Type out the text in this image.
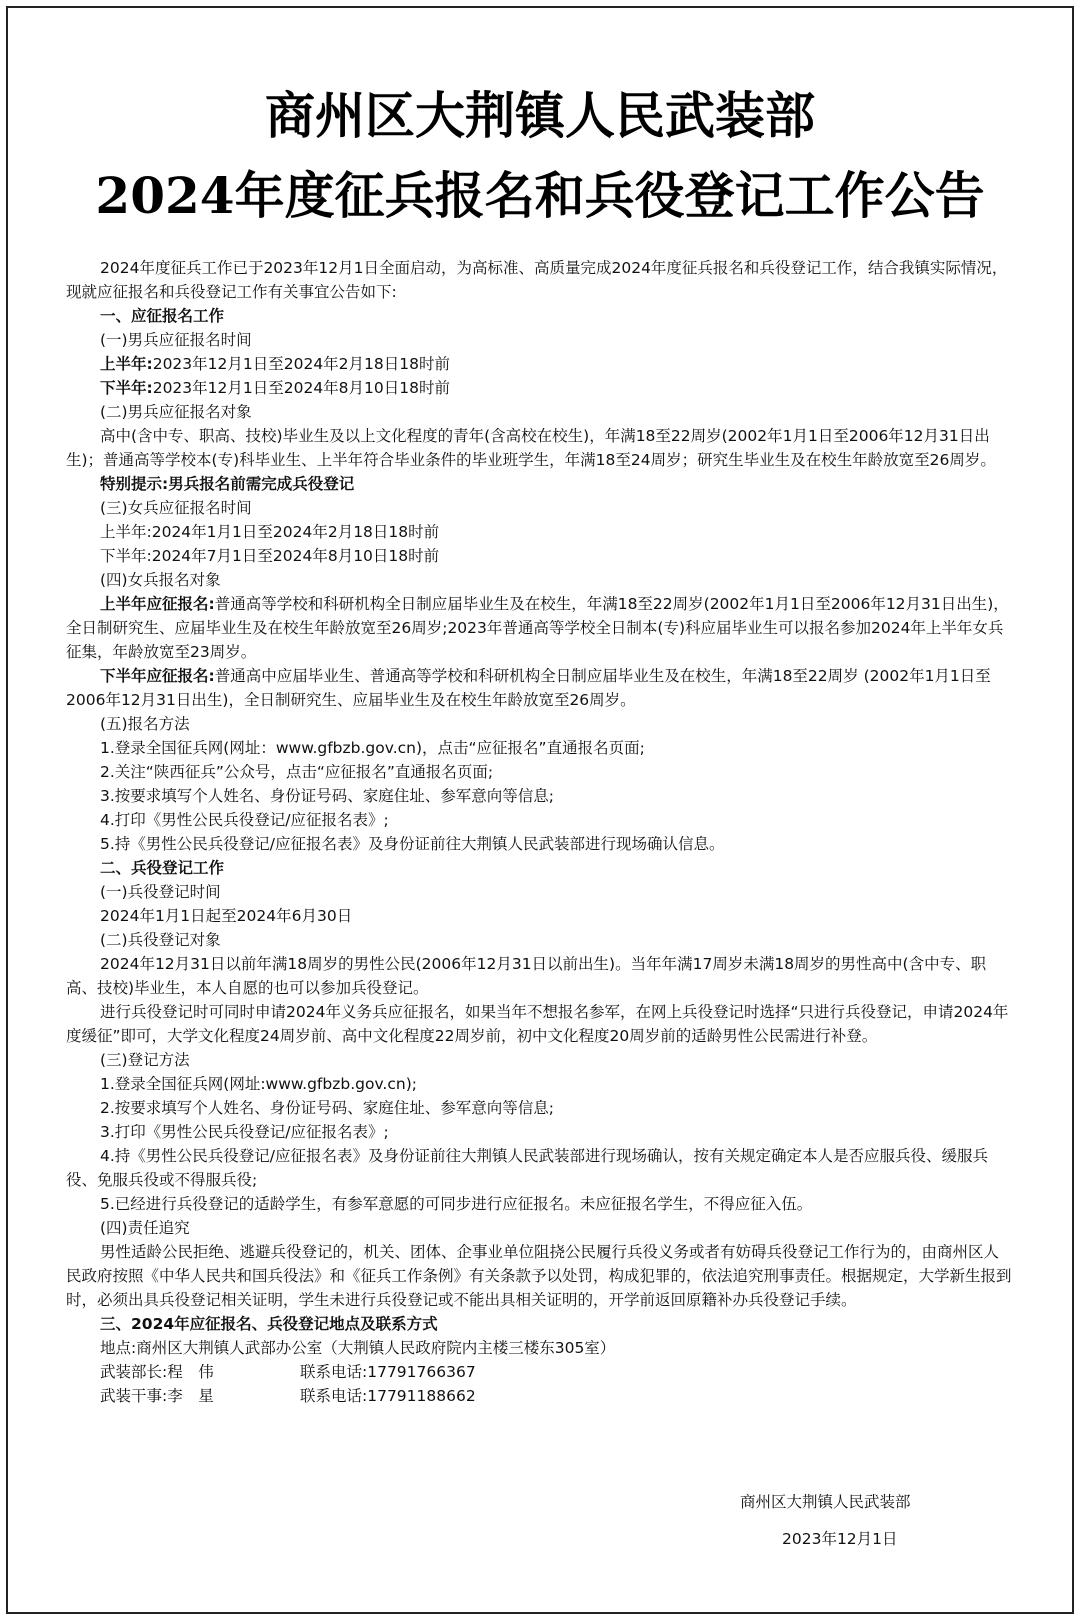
商州区大荆镇人民武装部
2024年度征兵报名和兵役登记工作公告

2024年度征兵工作已于2023年12月1日全面启动，为高标准、高质量完成2024年度征兵报名和兵役登记工作，结合我镇实际情况，现就应征报名和兵役登记工作有关事宜公告如下:

一、应征报名工作

(一)男兵应征报名时间

上半年:2023年12月1日至2024年2月18日18时前

下半年:2023年12月1日至2024年8月10日18时前

(二)男兵应征报名对象

高中(含中专、职高、技校)毕业生及以上文化程度的青年(含高校在校生)，年满18至22周岁(2002年1月1日至2006年12月31日出生)；普通高等学校本(专)科毕业生、上半年符合毕业条件的毕业班学生，年满18至24周岁；研究生毕业生及在校生年龄放宽至26周岁。

特别提示:男兵报名前需完成兵役登记

(三)女兵应征报名时间

上半年:2024年1月1日至2024年2月18日18时前

下半年:2024年7月1日至2024年8月10日18时前

(四)女兵报名对象

上半年应征报名:普通高等学校和科研机构全日制应届毕业生及在校生，年满18至22周岁(2002年1月1日至2006年12月31日出生)，全日制研究生、应届毕业生及在校生年龄放宽至26周岁;2023年普通高等学校全日制本(专)科应届毕业生可以报名参加2024年上半年女兵征集，年龄放宽至23周岁。

下半年应征报名:普通高中应届毕业生、普通高等学校和科研机构全日制应届毕业生及在校生，年满18至22周岁 (2002年1月1日至2006年12月31日出生)，全日制研究生、应届毕业生及在校生年龄放宽至26周岁。

(五)报名方法

1.登录全国征兵网(网址：www.gfbzb.gov.cn)，点击“应征报名”直通报名页面;

2.关注“陕西征兵”公众号，点击“应征报名”直通报名页面;

3.按要求填写个人姓名、身份证号码、家庭住址、参军意向等信息;

4.打印《男性公民兵役登记/应征报名表》;

5.持《男性公民兵役登记/应征报名表》及身份证前往大荆镇人民武装部进行现场确认信息。

二、兵役登记工作

(一)兵役登记时间

2024年1月1日起至2024年6月30日

(二)兵役登记对象

2024年12月31日以前年满18周岁的男性公民(2006年12月31日以前出生)。当年年满17周岁未满18周岁的男性高中(含中专、职高、技校)毕业生，本人自愿的也可以参加兵役登记。

进行兵役登记时可同时申请2024年义务兵应征报名，如果当年不想报名参军，在网上兵役登记时选择“只进行兵役登记，申请2024年度缓征”即可，大学文化程度24周岁前、高中文化程度22周岁前，初中文化程度20周岁前的适龄男性公民需进行补登。

(三)登记方法

1.登录全国征兵网(网址:www.gfbzb.gov.cn);

2.按要求填写个人姓名、身份证号码、家庭住址、参军意向等信息;

3.打印《男性公民兵役登记/应征报名表》;

4.持《男性公民兵役登记/应征报名表》及身份证前往大荆镇人民武装部进行现场确认，按有关规定确定本人是否应服兵役、缓服兵役、免服兵役或不得服兵役;

5.已经进行兵役登记的适龄学生，有参军意愿的可同步进行应征报名。未应征报名学生，不得应征入伍。

(四)责任追究

男性适龄公民拒绝、逃避兵役登记的，机关、团体、企事业单位阻挠公民履行兵役义务或者有妨碍兵役登记工作行为的，由商州区人民政府按照《中华人民共和国兵役法》和《征兵工作条例》有关条款予以处罚，构成犯罪的，依法追究刑事责任。根据规定，大学新生报到时，必须出具兵役登记相关证明，学生未进行兵役登记或不能出具相关证明的，开学前返回原籍补办兵役登记手续。

三、2024年应征报名、兵役登记地点及联系方式

地点:商州区大荆镇人武部办公室（大荆镇人民政府院内主楼三楼东305室）

武装部长:程　伟	联系电话:17791766367

武装干事:李　星	联系电话:17791188662

商州区大荆镇人民武装部
2023年12月1日
